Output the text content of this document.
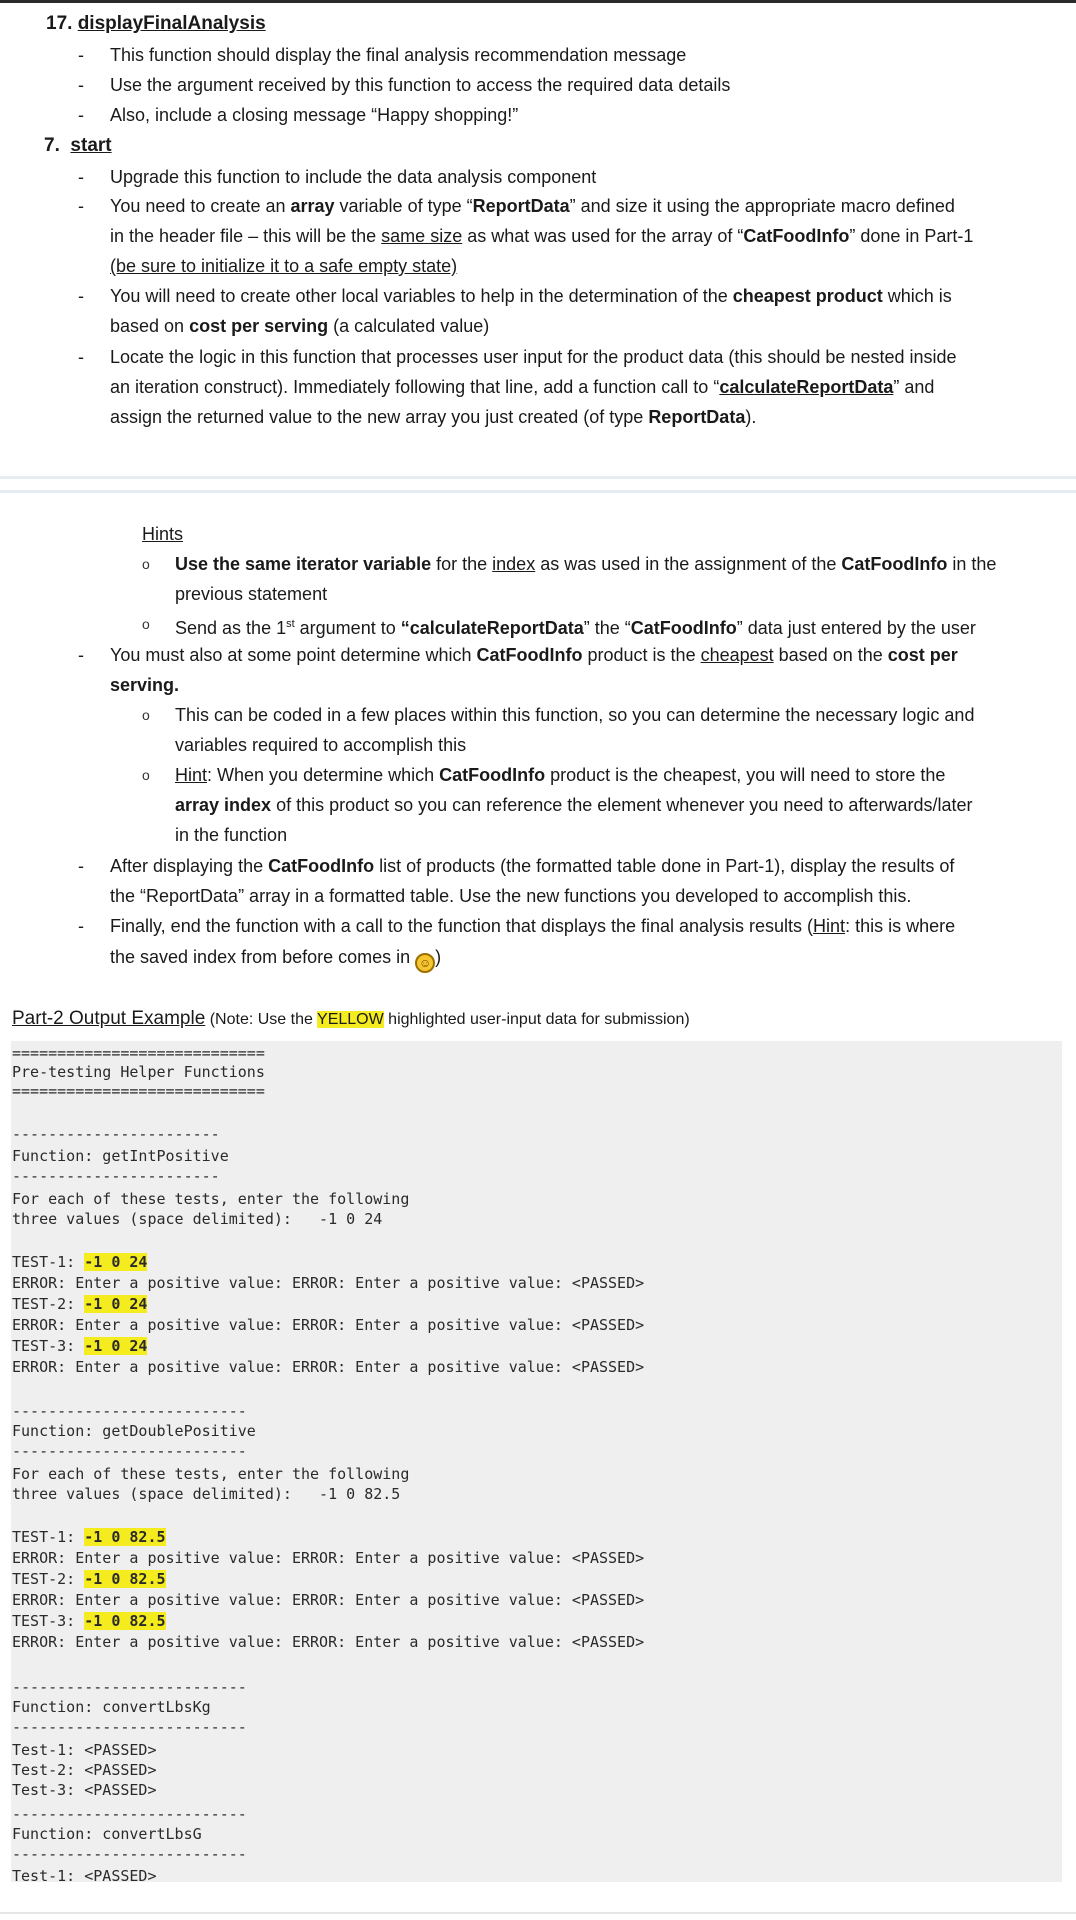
17. displayFinalAnalysis
- This function should display the final analysis recommendation message
- Use the argument received by this function to access the required data details
- Also, include a closing message “Happy shopping!”
7. start
- Upgrade this function to include the data analysis component
- You need to create an array variable of type “ReportData” and size it using the appropriate macro defined
in the header file – this will be the same size as what was used for the array of “CatFoodInfo” done in Part-1
(be sure to initialize it to a safe empty state)
- You will need to create other local variables to help in the determination of the cheapest product which is
based on cost per serving (a calculated value)
- Locate the logic in this function that processes user input for the product data (this should be nested inside
an iteration construct). Immediately following that line, add a function call to “calculateReportData” and
assign the returned value to the new array you just created (of type ReportData).
Hints
o Use the same iterator variable for the index as was used in the assignment of the CatFoodInfo in the
previous statement
o Send as the 1st argument to “calculateReportData” the “CatFoodInfo” data just entered by the user
- You must also at some point determine which CatFoodInfo product is the cheapest based on the cost per
serving.
o This can be coded in a few places within this function, so you can determine the necessary logic and
variables required to accomplish this
o Hint: When you determine which CatFoodInfo product is the cheapest, you will need to store the
array index of this product so you can reference the element whenever you need to afterwards/later
in the function
- After displaying the CatFoodInfo list of products (the formatted table done in Part-1), display the results of
the “ReportData” array in a formatted table. Use the new functions you developed to accomplish this.
- Finally, end the function with a call to the function that displays the final analysis results (Hint: this is where
the saved index from before comes in ☺ )
Part-2 Output Example (Note: Use the YELLOW highlighted user-input data for submission)
============================
Pre-testing Helper Functions
============================
-----------------------
Function: getIntPositive
-----------------------
For each of these tests, enter the following
three values (space delimited):   -1 0 24
TEST-1: -1 0 24
ERROR: Enter a positive value: ERROR: Enter a positive value: <PASSED>
TEST-2: -1 0 24
ERROR: Enter a positive value: ERROR: Enter a positive value: <PASSED>
TEST-3: -1 0 24
ERROR: Enter a positive value: ERROR: Enter a positive value: <PASSED>
--------------------------
Function: getDoublePositive
--------------------------
For each of these tests, enter the following
three values (space delimited):   -1 0 82.5
TEST-1: -1 0 82.5
ERROR: Enter a positive value: ERROR: Enter a positive value: <PASSED>
TEST-2: -1 0 82.5
ERROR: Enter a positive value: ERROR: Enter a positive value: <PASSED>
TEST-3: -1 0 82.5
ERROR: Enter a positive value: ERROR: Enter a positive value: <PASSED>
--------------------------
Function: convertLbsKg
--------------------------
Test-1: <PASSED>
Test-2: <PASSED>
Test-3: <PASSED>
--------------------------
Function: convertLbsG
--------------------------
Test-1: <PASSED>
